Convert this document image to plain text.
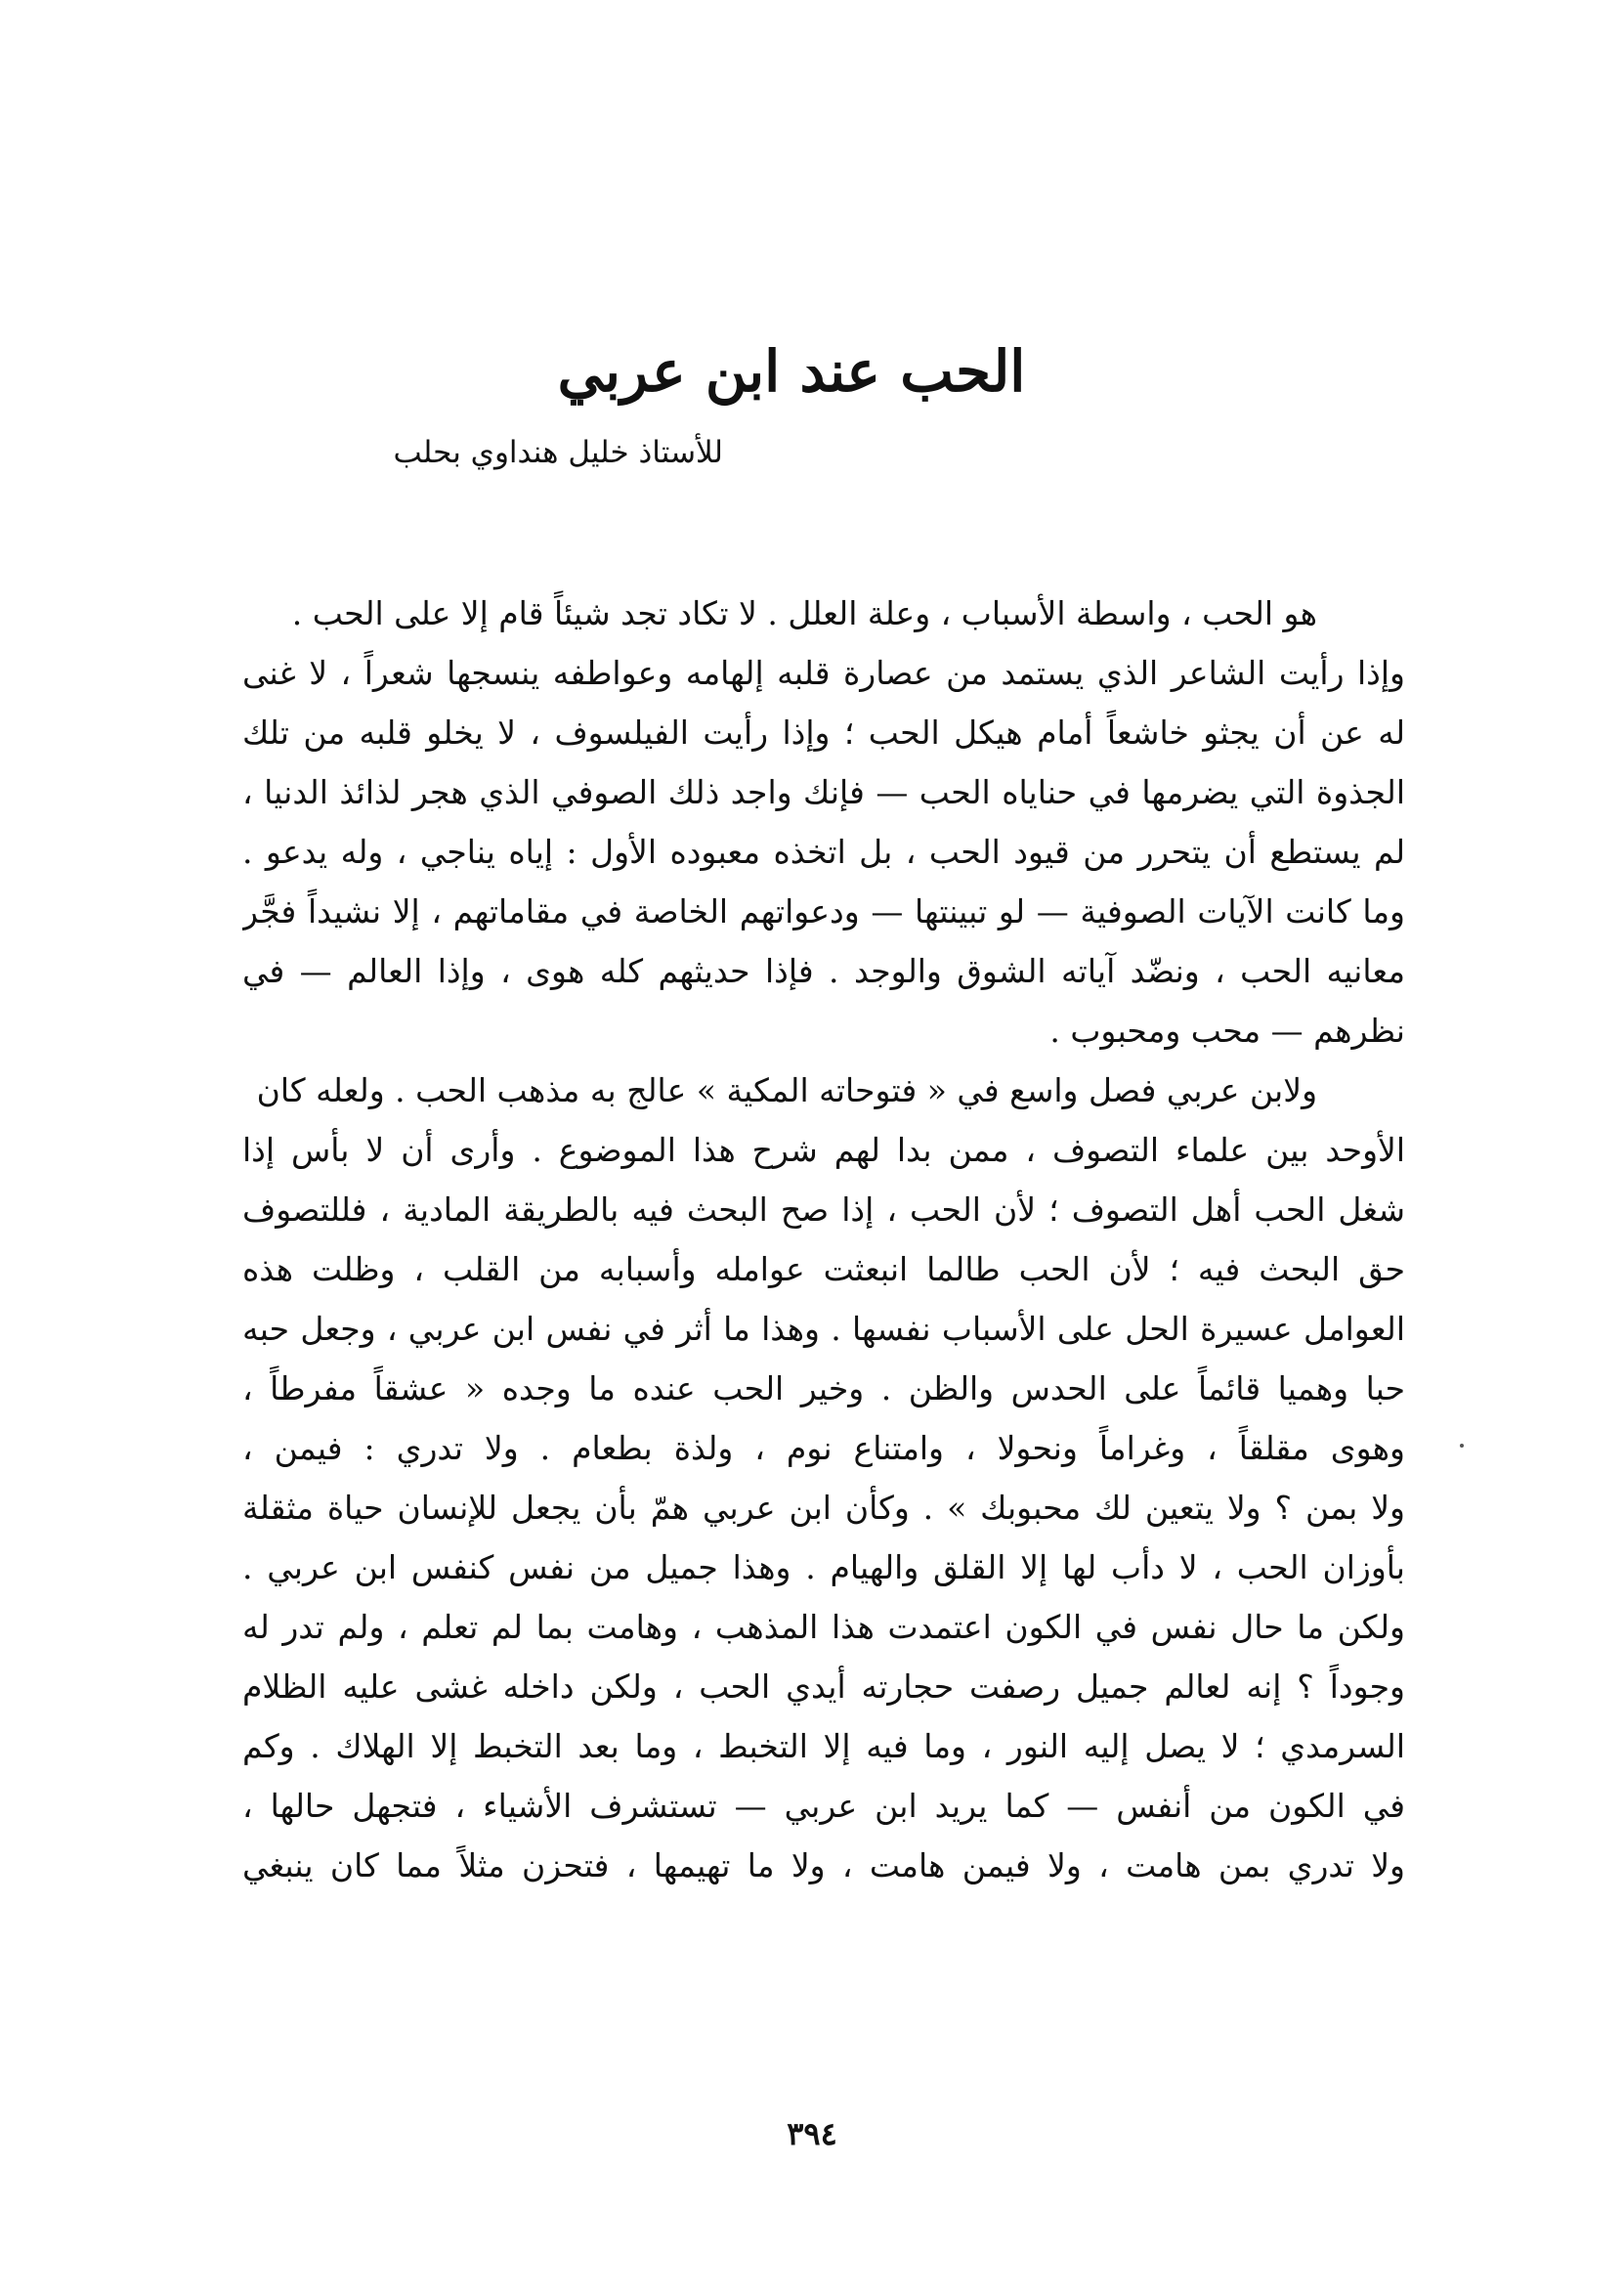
الحب عند ابن عربي
للأستاذ خليل هنداوي بحلب
هو الحب ، واسطة الأسباب ، وعلة العلل . لا تكاد تجد شيئاً قام إلا على الحب .
وإذا رأيت الشاعر الذي يستمد من عصارة قلبه إلهامه وعواطفه ينسجها شعراً ، لا غنى
له عن أن يجثو خاشعاً أمام هيكل الحب ؛ وإذا رأيت الفيلسوف ، لا يخلو قلبه من تلك
الجذوة التي يضرمها في حناياه الحب — فإنك واجد ذلك الصوفي الذي هجر لذائذ الدنيا ،
لم يستطع أن يتحرر من قيود الحب ، بل اتخذه معبوده الأول : إياه يناجي ، وله يدعو .
وما كانت الآيات الصوفية — لو تبينتها — ودعواتهم الخاصة في مقاماتهم ، إلا نشيداً فجَّر
معانيه الحب ، ونضّد آياته الشوق والوجد . فإذا حديثهم كله هوى ، وإذا العالم — في
نظرهم — محب ومحبوب .
ولابن عربي فصل واسع في « فتوحاته المكية » عالج به مذهب الحب . ولعله كان
الأوحد بين علماء التصوف ، ممن بدا لهم شرح هذا الموضوع . وأرى أن لا بأس إذا
شغل الحب أهل التصوف ؛ لأن الحب ، إذا صح البحث فيه بالطريقة المادية ، فللتصوف
حق البحث فيه ؛ لأن الحب طالما انبعثت عوامله وأسبابه من القلب ، وظلت هذه
العوامل عسيرة الحل على الأسباب نفسها . وهذا ما أثر في نفس ابن عربي ، وجعل حبه
حبا وهميا قائماً على الحدس والظن . وخير الحب عنده ما وجده « عشقاً مفرطاً ،
وهوى مقلقاً ، وغراماً ونحولا ، وامتناع نوم ، ولذة بطعام . ولا تدري : فيمن ،
ولا بمن ؟ ولا يتعين لك محبوبك » . وكأن ابن عربي همّ بأن يجعل للإنسان حياة مثقلة
بأوزان الحب ، لا دأب لها إلا القلق والهيام . وهذا جميل من نفس كنفس ابن عربي .
ولكن ما حال نفس في الكون اعتمدت هذا المذهب ، وهامت بما لم تعلم ، ولم تدر له
وجوداً ؟ إنه لعالم جميل رصفت حجارته أيدي الحب ، ولكن داخله غشى عليه الظلام
السرمدي ؛ لا يصل إليه النور ، وما فيه إلا التخبط ، وما بعد التخبط إلا الهلاك . وكم
في الكون من أنفس — كما يريد ابن عربي — تستشرف الأشياء ، فتجهل حالها ،
ولا تدري بمن هامت ، ولا فيمن هامت ، ولا ما تهيمها ، فتحزن مثلاً مما كان ينبغي
٣٩٤
